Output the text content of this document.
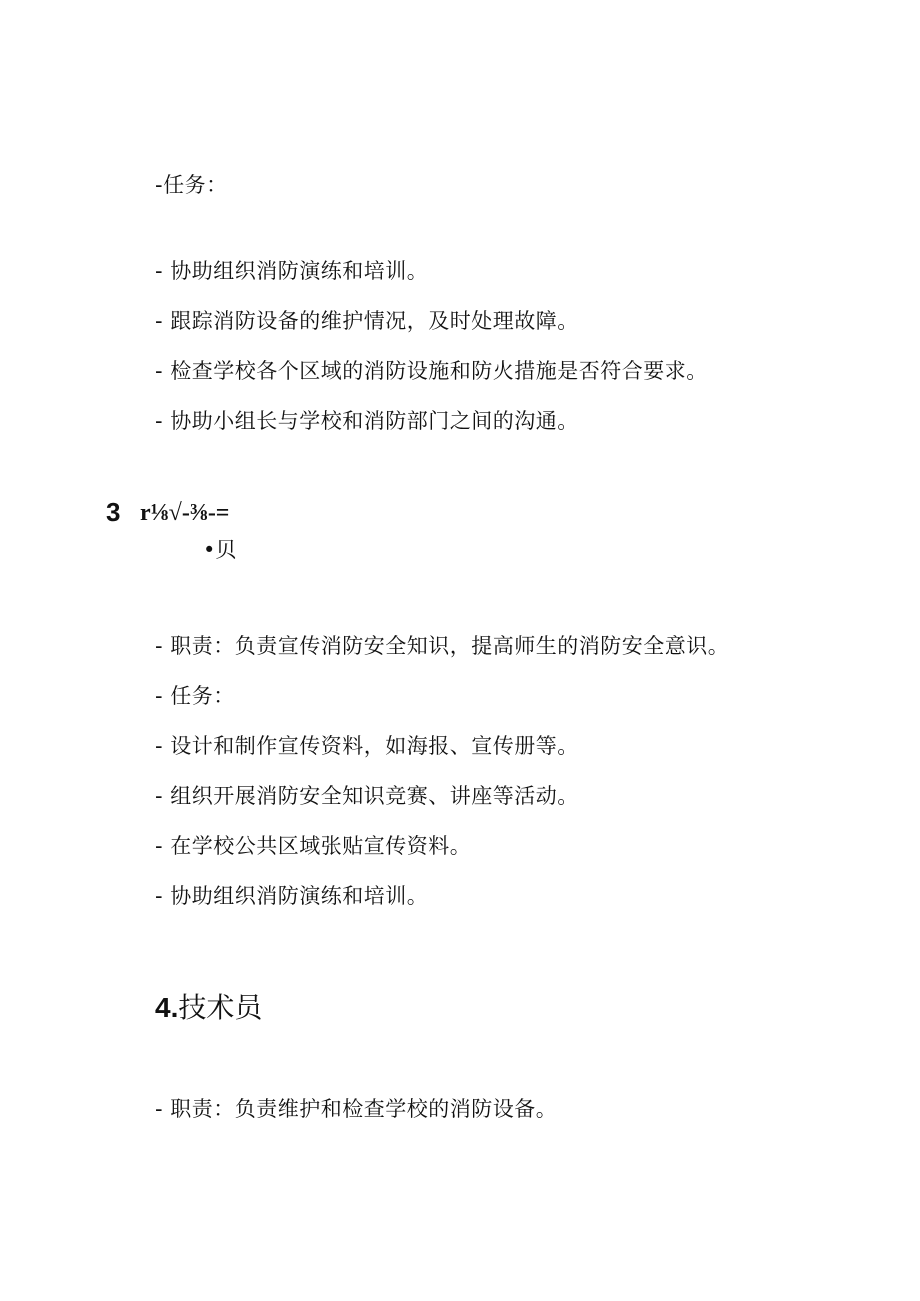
-任务：
- 协助组织消防演练和培训。
- 跟踪消防设备的维护情况，及时处理故障。
- 检查学校各个区域的消防设施和防火措施是否符合要求。
- 协助小组长与学校和消防部门之间的沟通。
3 r⅛√-⅜-=
•贝
- 职责：负责宣传消防安全知识，提高师生的消防安全意识。
- 任务：
- 设计和制作宣传资料，如海报、宣传册等。
- 组织开展消防安全知识竞赛、讲座等活动。
- 在学校公共区域张贴宣传资料。
- 协助组织消防演练和培训。
4.技术员
- 职责：负责维护和检查学校的消防设备。
